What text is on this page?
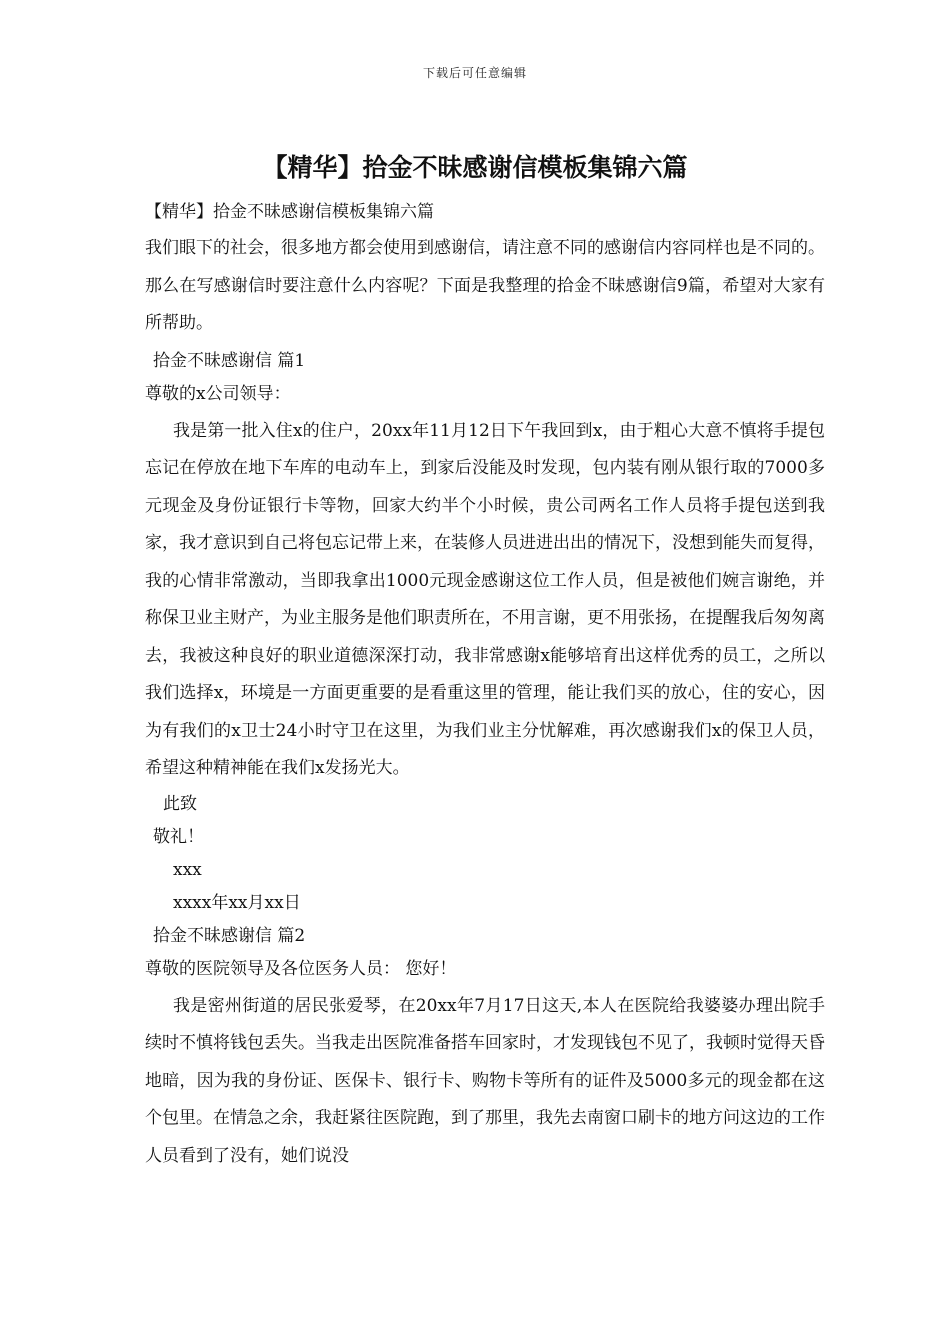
下载后可任意编辑
【精华】拾金不昧感谢信模板集锦六篇
【精华】拾金不昧感谢信模板集锦六篇

我们眼下的社会，很多地方都会使用到感谢信，请注意不同的感谢信内容同样也是不同的。那么在写感谢信时要注意什么内容呢？下面是我整理的拾金不昧感谢信9篇，希望对大家有所帮助。

拾金不昧感谢信 篇1
尊敬的x公司领导：

我是第一批入住x的住户，20xx年11月12日下午我回到x，由于粗心大意不慎将手提包忘记在停放在地下车库的电动车上，到家后没能及时发现，包内装有刚从银行取的7000多元现金及身份证银行卡等物，回家大约半个小时候，贵公司两名工作人员将手提包送到我家，我才意识到自己将包忘记带上来，在装修人员进进出出的情况下，没想到能失而复得，我的心情非常激动，当即我拿出1000元现金感谢这位工作人员，但是被他们婉言谢绝，并称保卫业主财产，为业主服务是他们职责所在，不用言谢，更不用张扬，在提醒我后匆匆离去，我被这种良好的职业道德深深打动，我非常感谢x能够培育出这样优秀的员工，之所以我们选择x，环境是一方面更重要的是看重这里的管理，能让我们买的放心，住的安心，因为有我们的x卫士24小时守卫在这里，为我们业主分忧解难，再次感谢我们x的保卫人员，希望这种精神能在我们x发扬光大。

此致
敬礼！
xxx
xxxx年xx月xx日
拾金不昧感谢信 篇2
尊敬的医院领导及各位医务人员： 您好！

我是密州街道的居民张爱琴，在20xx年7月17日这天,本人在医院给我婆婆办理出院手续时不慎将钱包丢失。当我走出医院准备搭车回家时，才发现钱包不见了，我顿时觉得天昏地暗，因为我的身份证、医保卡、银行卡、购物卡等所有的证件及5000多元的现金都在这个包里。在情急之余，我赶紧往医院跑，到了那里，我先去南窗口刷卡的地方问这边的工作人员看到了没有，她们说没
